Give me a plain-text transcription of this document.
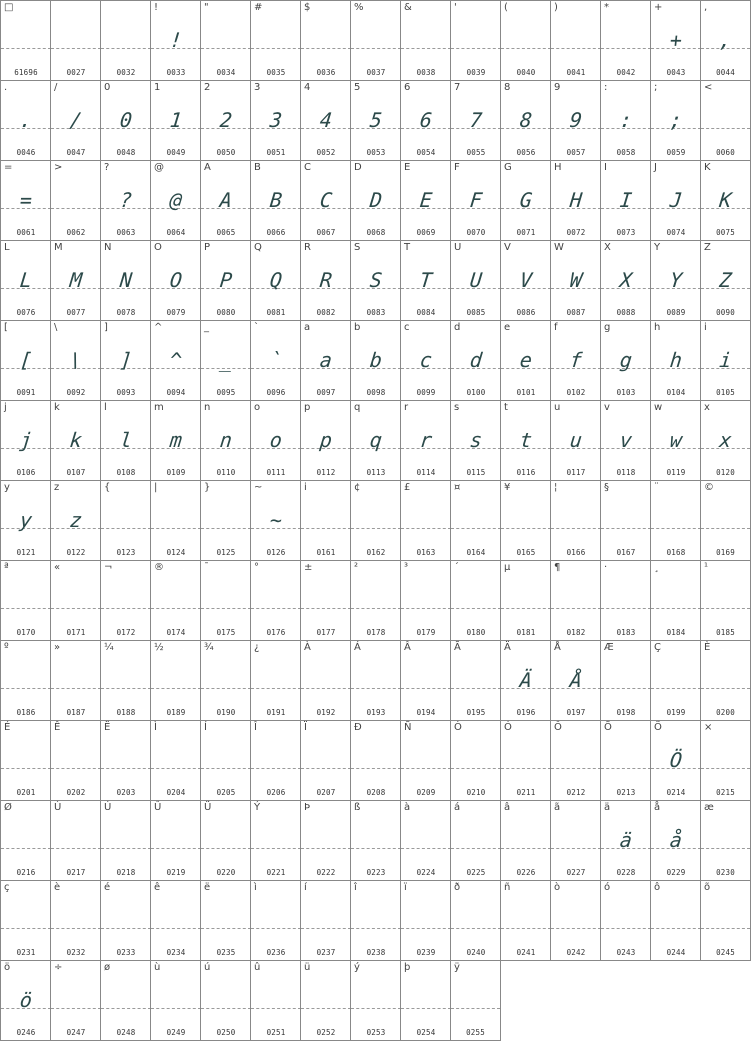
□
61696	0027	0032
!
!
0033
"
0034
#
0035
$
0036
%
0037
&
0038
'
0039
(
0040
)
0041
*
0042
+
+
0043
,
,
0044
.
.
0046
/
/
0047
0
0
0048
1
1
0049
2
2
0050
3
3
0051
4
4
0052
5
5
0053
6
6
0054
7
7
0055
8
8
0056
9
9
0057
:
:
0058
;
;
0059
<
0060
=
=
0061
>
0062
?
?
0063
@
@
0064
A
A
0065
B
B
0066
C
C
0067
D
D
0068
E
E
0069
F
F
0070
G
G
0071
H
H
0072
I
I
0073
J
J
0074
K
K
0075
L
L
0076
M
M
0077
N
N
0078
O
O
0079
P
P
0080
Q
Q
0081
R
R
0082
S
S
0083
T
T
0084
U
U
0085
V
V
0086
W
W
0087
X
X
0088
Y
Y
0089
Z
Z
0090
[
[
0091
\
\
0092
]
]
0093
^
^
0094
_
_
0095
`
`
0096
a
a
0097
b
b
0098
c
c
0099
d
d
0100
e
e
0101
f
f
0102
g
g
0103
h
h
0104
i
i
0105
j
j
0106
k
k
0107
l
l
0108
m
m
0109
n
n
0110
o
o
0111
p
p
0112
q
q
0113
r
r
0114
s
s
0115
t
t
0116
u
u
0117
v
v
0118
w
w
0119
x
x
0120
y
y
0121
z
z
0122
{
0123
|
0124
}
0125
~
~
0126
i
0161
¢
0162
£
0163
¤
0164
¥
0165
¦
0166
§
0167
¨
0168
©
0169
ª
0170
«
0171
¬
0172
®
0174
¯
0175
°
0176
±
0177
²
0178
³
0179
´
0180
µ
0181
¶
0182
·
0183
¸
0184
¹
0185
º
0186
»
0187
¼
0188
½
0189
¾
0190
¿
0191
À
0192
Á
0193
Â
0194
Ã
0195
Ä
Ä
0196
Å
Å
0197
Æ
0198
Ç
0199
È
0200
É
0201
Ê
0202
Ë
0203
Ì
0204
Í
0205
Î
0206
Ï
0207
Ð
0208
Ñ
0209
Ò
0210
Ó
0211
Ô
0212
Õ
0213
Ö
Ö
0214
×
0215
Ø
0216
Ù
0217
Ú
0218
Û
0219
Ü
0220
Ý
0221
Þ
0222
ß
0223
à
0224
á
0225
â
0226
ã
0227
ä
ä
0228
å
å
0229
æ
0230
ç
0231
è
0232
é
0233
ê
0234
ë
0235
ì
0236
í
0237
î
0238
ï
0239
ð
0240
ñ
0241
ò
0242
ó
0243
ô
0244
õ
0245
ö
ö
0246
÷
0247
ø
0248
ù
0249
ú
0250
û
0251
ü
0252
ý
0253
þ
0254
ÿ
0255
